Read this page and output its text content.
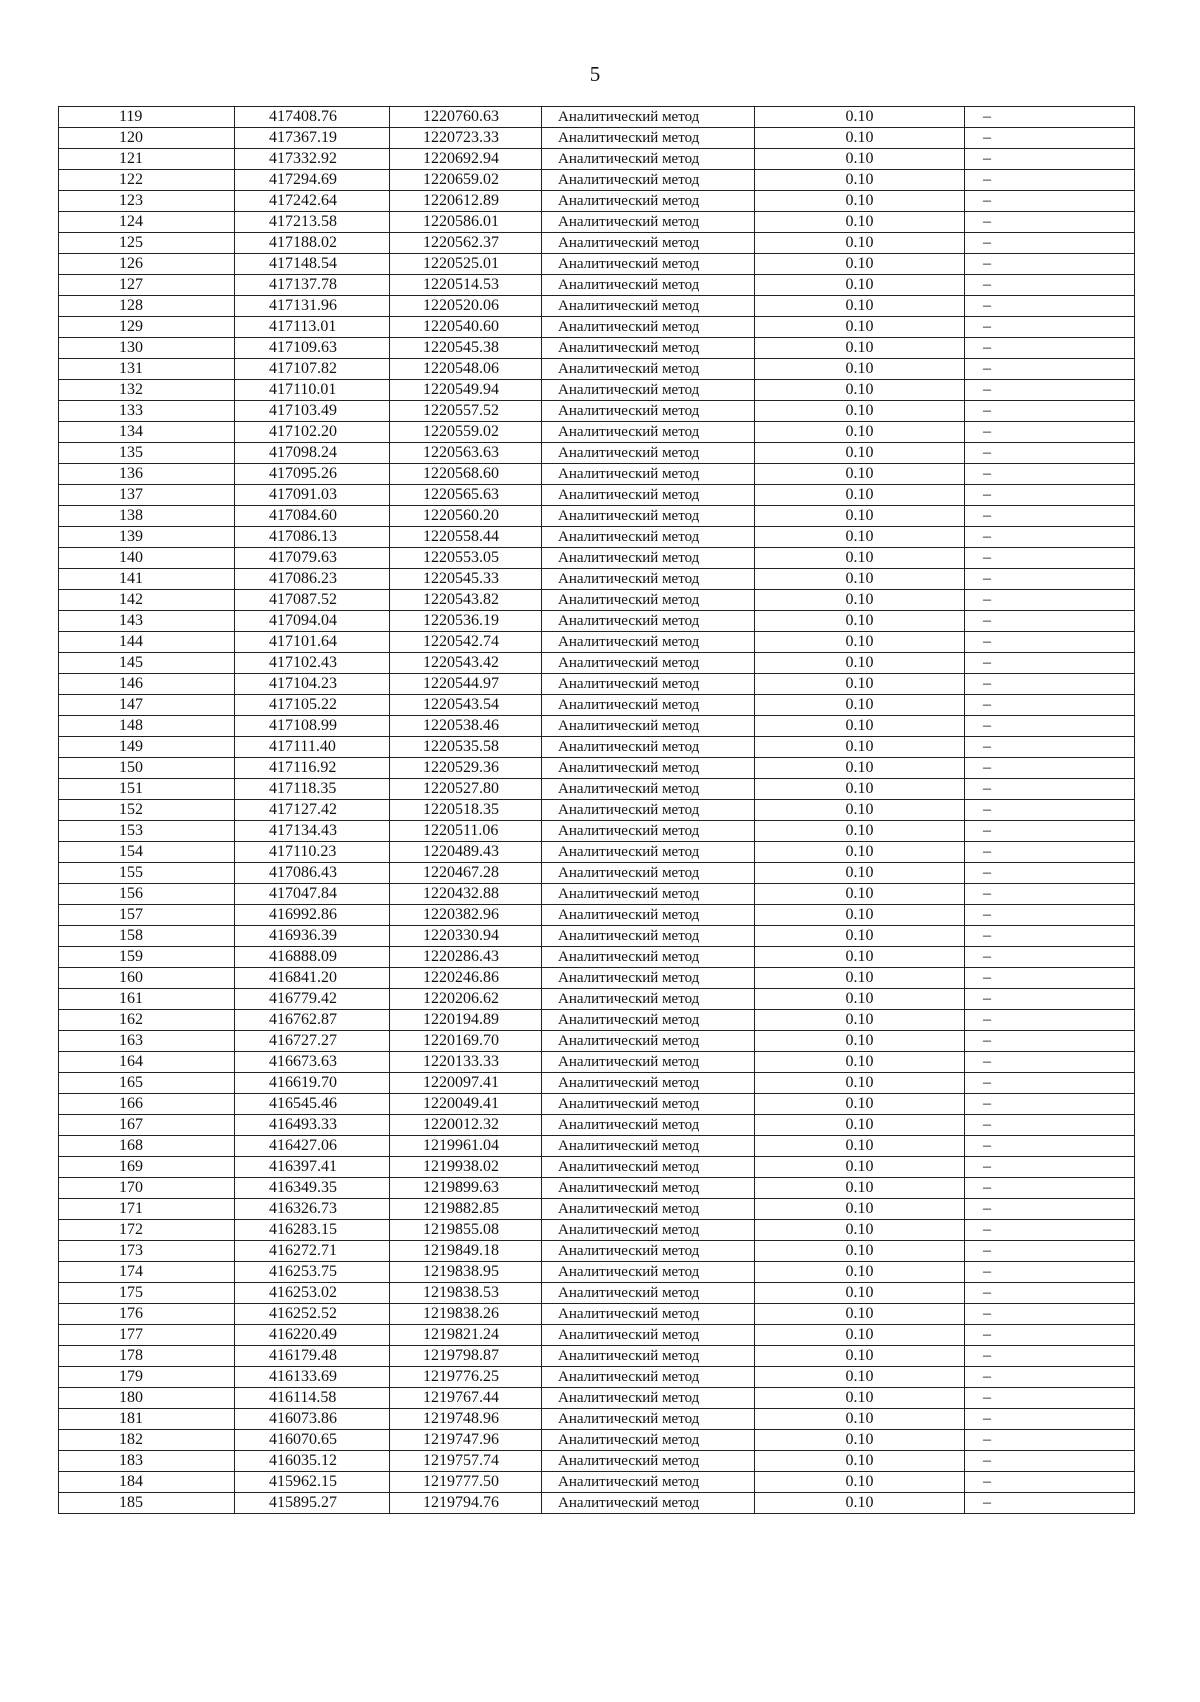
5
119	417408.76	1220760.63	Аналитический метод	0.10	–
120	417367.19	1220723.33	Аналитический метод	0.10	–
121	417332.92	1220692.94	Аналитический метод	0.10	–
122	417294.69	1220659.02	Аналитический метод	0.10	–
123	417242.64	1220612.89	Аналитический метод	0.10	–
124	417213.58	1220586.01	Аналитический метод	0.10	–
125	417188.02	1220562.37	Аналитический метод	0.10	–
126	417148.54	1220525.01	Аналитический метод	0.10	–
127	417137.78	1220514.53	Аналитический метод	0.10	–
128	417131.96	1220520.06	Аналитический метод	0.10	–
129	417113.01	1220540.60	Аналитический метод	0.10	–
130	417109.63	1220545.38	Аналитический метод	0.10	–
131	417107.82	1220548.06	Аналитический метод	0.10	–
132	417110.01	1220549.94	Аналитический метод	0.10	–
133	417103.49	1220557.52	Аналитический метод	0.10	–
134	417102.20	1220559.02	Аналитический метод	0.10	–
135	417098.24	1220563.63	Аналитический метод	0.10	–
136	417095.26	1220568.60	Аналитический метод	0.10	–
137	417091.03	1220565.63	Аналитический метод	0.10	–
138	417084.60	1220560.20	Аналитический метод	0.10	–
139	417086.13	1220558.44	Аналитический метод	0.10	–
140	417079.63	1220553.05	Аналитический метод	0.10	–
141	417086.23	1220545.33	Аналитический метод	0.10	–
142	417087.52	1220543.82	Аналитический метод	0.10	–
143	417094.04	1220536.19	Аналитический метод	0.10	–
144	417101.64	1220542.74	Аналитический метод	0.10	–
145	417102.43	1220543.42	Аналитический метод	0.10	–
146	417104.23	1220544.97	Аналитический метод	0.10	–
147	417105.22	1220543.54	Аналитический метод	0.10	–
148	417108.99	1220538.46	Аналитический метод	0.10	–
149	417111.40	1220535.58	Аналитический метод	0.10	–
150	417116.92	1220529.36	Аналитический метод	0.10	–
151	417118.35	1220527.80	Аналитический метод	0.10	–
152	417127.42	1220518.35	Аналитический метод	0.10	–
153	417134.43	1220511.06	Аналитический метод	0.10	–
154	417110.23	1220489.43	Аналитический метод	0.10	–
155	417086.43	1220467.28	Аналитический метод	0.10	–
156	417047.84	1220432.88	Аналитический метод	0.10	–
157	416992.86	1220382.96	Аналитический метод	0.10	–
158	416936.39	1220330.94	Аналитический метод	0.10	–
159	416888.09	1220286.43	Аналитический метод	0.10	–
160	416841.20	1220246.86	Аналитический метод	0.10	–
161	416779.42	1220206.62	Аналитический метод	0.10	–
162	416762.87	1220194.89	Аналитический метод	0.10	–
163	416727.27	1220169.70	Аналитический метод	0.10	–
164	416673.63	1220133.33	Аналитический метод	0.10	–
165	416619.70	1220097.41	Аналитический метод	0.10	–
166	416545.46	1220049.41	Аналитический метод	0.10	–
167	416493.33	1220012.32	Аналитический метод	0.10	–
168	416427.06	1219961.04	Аналитический метод	0.10	–
169	416397.41	1219938.02	Аналитический метод	0.10	–
170	416349.35	1219899.63	Аналитический метод	0.10	–
171	416326.73	1219882.85	Аналитический метод	0.10	–
172	416283.15	1219855.08	Аналитический метод	0.10	–
173	416272.71	1219849.18	Аналитический метод	0.10	–
174	416253.75	1219838.95	Аналитический метод	0.10	–
175	416253.02	1219838.53	Аналитический метод	0.10	–
176	416252.52	1219838.26	Аналитический метод	0.10	–
177	416220.49	1219821.24	Аналитический метод	0.10	–
178	416179.48	1219798.87	Аналитический метод	0.10	–
179	416133.69	1219776.25	Аналитический метод	0.10	–
180	416114.58	1219767.44	Аналитический метод	0.10	–
181	416073.86	1219748.96	Аналитический метод	0.10	–
182	416070.65	1219747.96	Аналитический метод	0.10	–
183	416035.12	1219757.74	Аналитический метод	0.10	–
184	415962.15	1219777.50	Аналитический метод	0.10	–
185	415895.27	1219794.76	Аналитический метод	0.10	–
